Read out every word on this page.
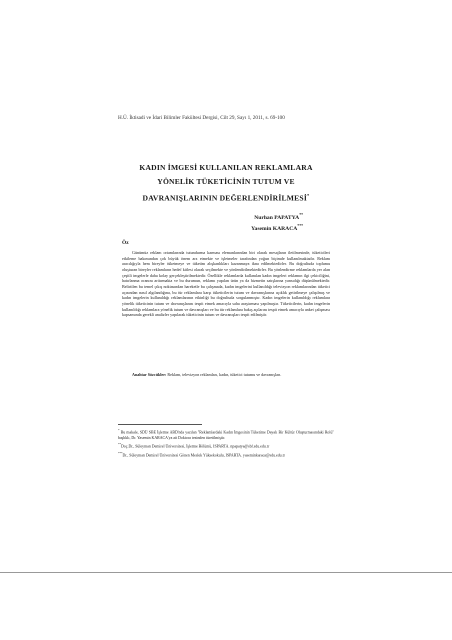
H.Ü. İktisadi ve İdari Bilimler Fakültesi Dergisi, Cilt 29, Sayı 1, 2011, s. 69-100
KADIN İMGESİ KULLANILAN REKLAMLARA
YÖNELİK TÜKETİCİNİN TUTUM VE
DAVRANIŞLARININ DEĞERLENDİRİLMESİ*
Nurhan PAPATYA**
Yasemin KARACA***
Öz

Günümüz reklam ortamlarında tutundurma karması elemanlarından biri olarak mesajların iletilmesinde, tüketicileri etkileme bakımından çok büyük önem arz etmekte ve işletmeler tarafından yoğun biçimde kullanılmaktadır. Reklam aracılığıyla hem bireyler tüketmeye ve tüketim alışkanlıkları kazanmaya ikna edilmektedirler. Bu doğrultuda toplumu oluşturan bireyler reklamların hedef kitlesi olarak seçilmekte ve yönlendirilmektedirler. Bu yönlendirme reklamlarda yer alan çeşitli imgelerle daha kolay gerçekleştirilmektedir. Özellikle reklamlarda kullanılan kadın imgeleri reklamın ilgi çekiciliğini, hatırlanma oranını arttırmakta ve bu durumun, reklamı yapılan ürün ya da hizmetin satışlarına yansıdığı düşünülmektedir. Belirtilen bu temel çıkış noktasından hareketle bu çalışmada, kadın imgelerini kullanıldığı televizyon reklamlarından tüketici açısından nasıl algılandığına, bu tür reklamlara karşı tüketicilerin tutum ve davranışlarına açıklık getirilmeye çalışılmış ve kadın imgelerin kullanıldığı reklamlarının etkinliği bu doğrultuda sorgulanmıştır. Kadın imgelerin kullanıldığı reklamlara yönelik tüketicinin tutum ve davranışlarını tespit etmek amacıyla saha araştırması yapılmıştır. Tüketicilerin, kadın imgelerin kullanıldığı reklamlara yönelik tutum ve davranışları ve bu tür reklamlara bakış açılarını tespit etmek amacıyla anket çalışması kapsamında gerekli analizler yapılarak tüketicinin tutum ve davranışları tespit edilmiştir.

Anahtar Sözcükler: Reklam, televizyon reklamları, kadın, tüketici tutumu ve davranışları.

* Bu makale, SDÜ SBE İşletme ABD'nda yazılan "Reklamlardaki Kadın İmgesinin Tüketime Dayalı Bir Kültür Oluşturmasındaki Rolü" başlıklı, Dr. Yasemin KARACA'ya ait Doktora tezinden türetilmiştir.

**Doç.Dr., Süleyman Demirel Üniversitesi, İşletme Bölümü, ISPARTA. npapatya@sbf.sdu.edu.tr

***Dr., Süleyman Demirel Üniversitesi Gönen Meslek Yüksekokulu, ISPARTA. yaseminkaraca@sdu.edu.tr
